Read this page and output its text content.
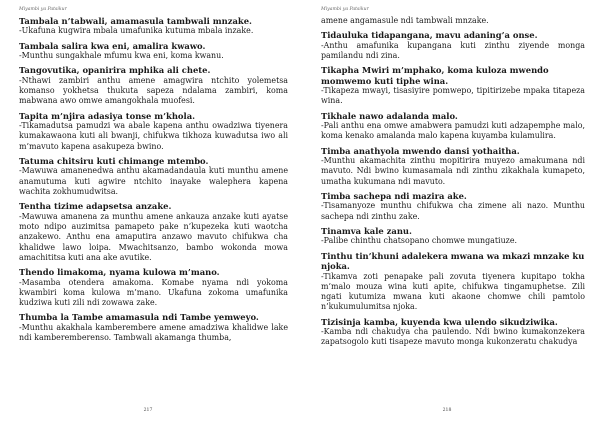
Miyambi ya Patsikur

Tambala n’tabwali, amamasula tambwali mnzake.

-Ukafuna kugwira mbala umafunika kutuma mbala inzake.

Tambala salira kwa eni, amalira kwawo.

-Munthu sungakhale mfumu kwa eni, koma kwanu.

Tangovutika, opanirira mphika ali chete.

-Nthawi zambiri anthu amene amagwira ntchito yolemetsa komanso yokhetsa thukuta sapeza ndalama zambiri, koma mabwana awo omwe amangokhala muofesi.

Tapita m’njira adasiya tonse m’khola.

-Tikamadutsa pamudzi wa abale kapena anthu owadziwa tiyenera kumakawaona kuti ali bwanji, chifukwa tikhoza kuwadutsa iwo ali m’mavuto kapena asakupeza bwino.

Tatuma chitsiru kuti chimange mtembo.

-Mawuwa amanenedwa anthu akamadandaula kuti munthu amene anamutuma kuti agwire ntchito inayake walephera kapena wachita zokhumudwitsa.

Tentha tizime adapsetsa anzake.

-Mawuwa amanena za munthu amene ankauza anzake kuti ayatse moto ndipo auzimitsa pamapeto pake n’kupezeka kuti waotcha anzakewo. Anthu ena amaputira anzawo mavuto chifukwa cha khalidwe lawo loipa. Mwachitsanzo, bambo wokonda mowa amachititsa kuti ana ake avutike.

Thendo limakoma, nyama kulowa m’mano.

-Masamba otendera amakoma. Komabe nyama ndi yokoma kwambiri koma kulowa m’mano. Ukafuna zokoma umafunika kudziwa kuti zili ndi zowawa zake.

Thumba la Tambe amamasula ndi Tambe yemweyo.

-Munthu akakhala kamberembere amene amadziwa khalidwe lake ndi kamberemberenso. Tambwali akamanga thumba,

217
Miyambi ya Patsikur

amene angamasule ndi tambwali mnzake.

Tidauluka tidapangana, mavu adaning’a onse.

-Anthu amafunika kupangana kuti zinthu ziyende monga pamilandu ndi zina.

Tikapha Mwiri m’mphako, koma kuloza mwendo momwemo kuti tiphe wina.

-Tikapeza mwayi, tisasiyire pomwepo, tipitirizebe mpaka titapeza wina.

Tikhale nawo adalanda malo.

-Pali anthu ena omwe amabwera pamudzi kuti adzapemphe malo, koma kenako amalanda malo kapena kuyamba kulamulira.

Timba anathyola mwendo dansi yothaitha.

-Munthu akamachita zinthu mopitirira muyezo amakumana ndi mavuto. Ndi bwino kumasamala ndi zinthu zikakhala kumapeto, umatha kukumana ndi mavuto.

Timba sachepa ndi mazira ake.

-Tisamanyoze munthu chifukwa cha zimene ali nazo. Munthu sachepa ndi zinthu zake.

Tinamva kale zanu.

-Palibe chinthu chatsopano chomwe mungatiuze.

Tinthu tin’khuni adalekera mwana wa mkazi mnzake ku njoka.

-Tikamva zoti penapake pali zovuta tiyenera kupitapo tokha m’malo mouza wina kuti apite, chifukwa tingamuphetse. Zili ngati kutumiza mwana kuti akaone chomwe chili pamtolo n’kukumulumitsa njoka.

Tizisinja kamba, kuyenda kwa ulendo sikudziwika.

-Kamba ndi chakudya cha paulendo. Ndi bwino kumakonzekera zapatsogolo kuti tisapeze mavuto monga kukonzeratu chakudya

218
